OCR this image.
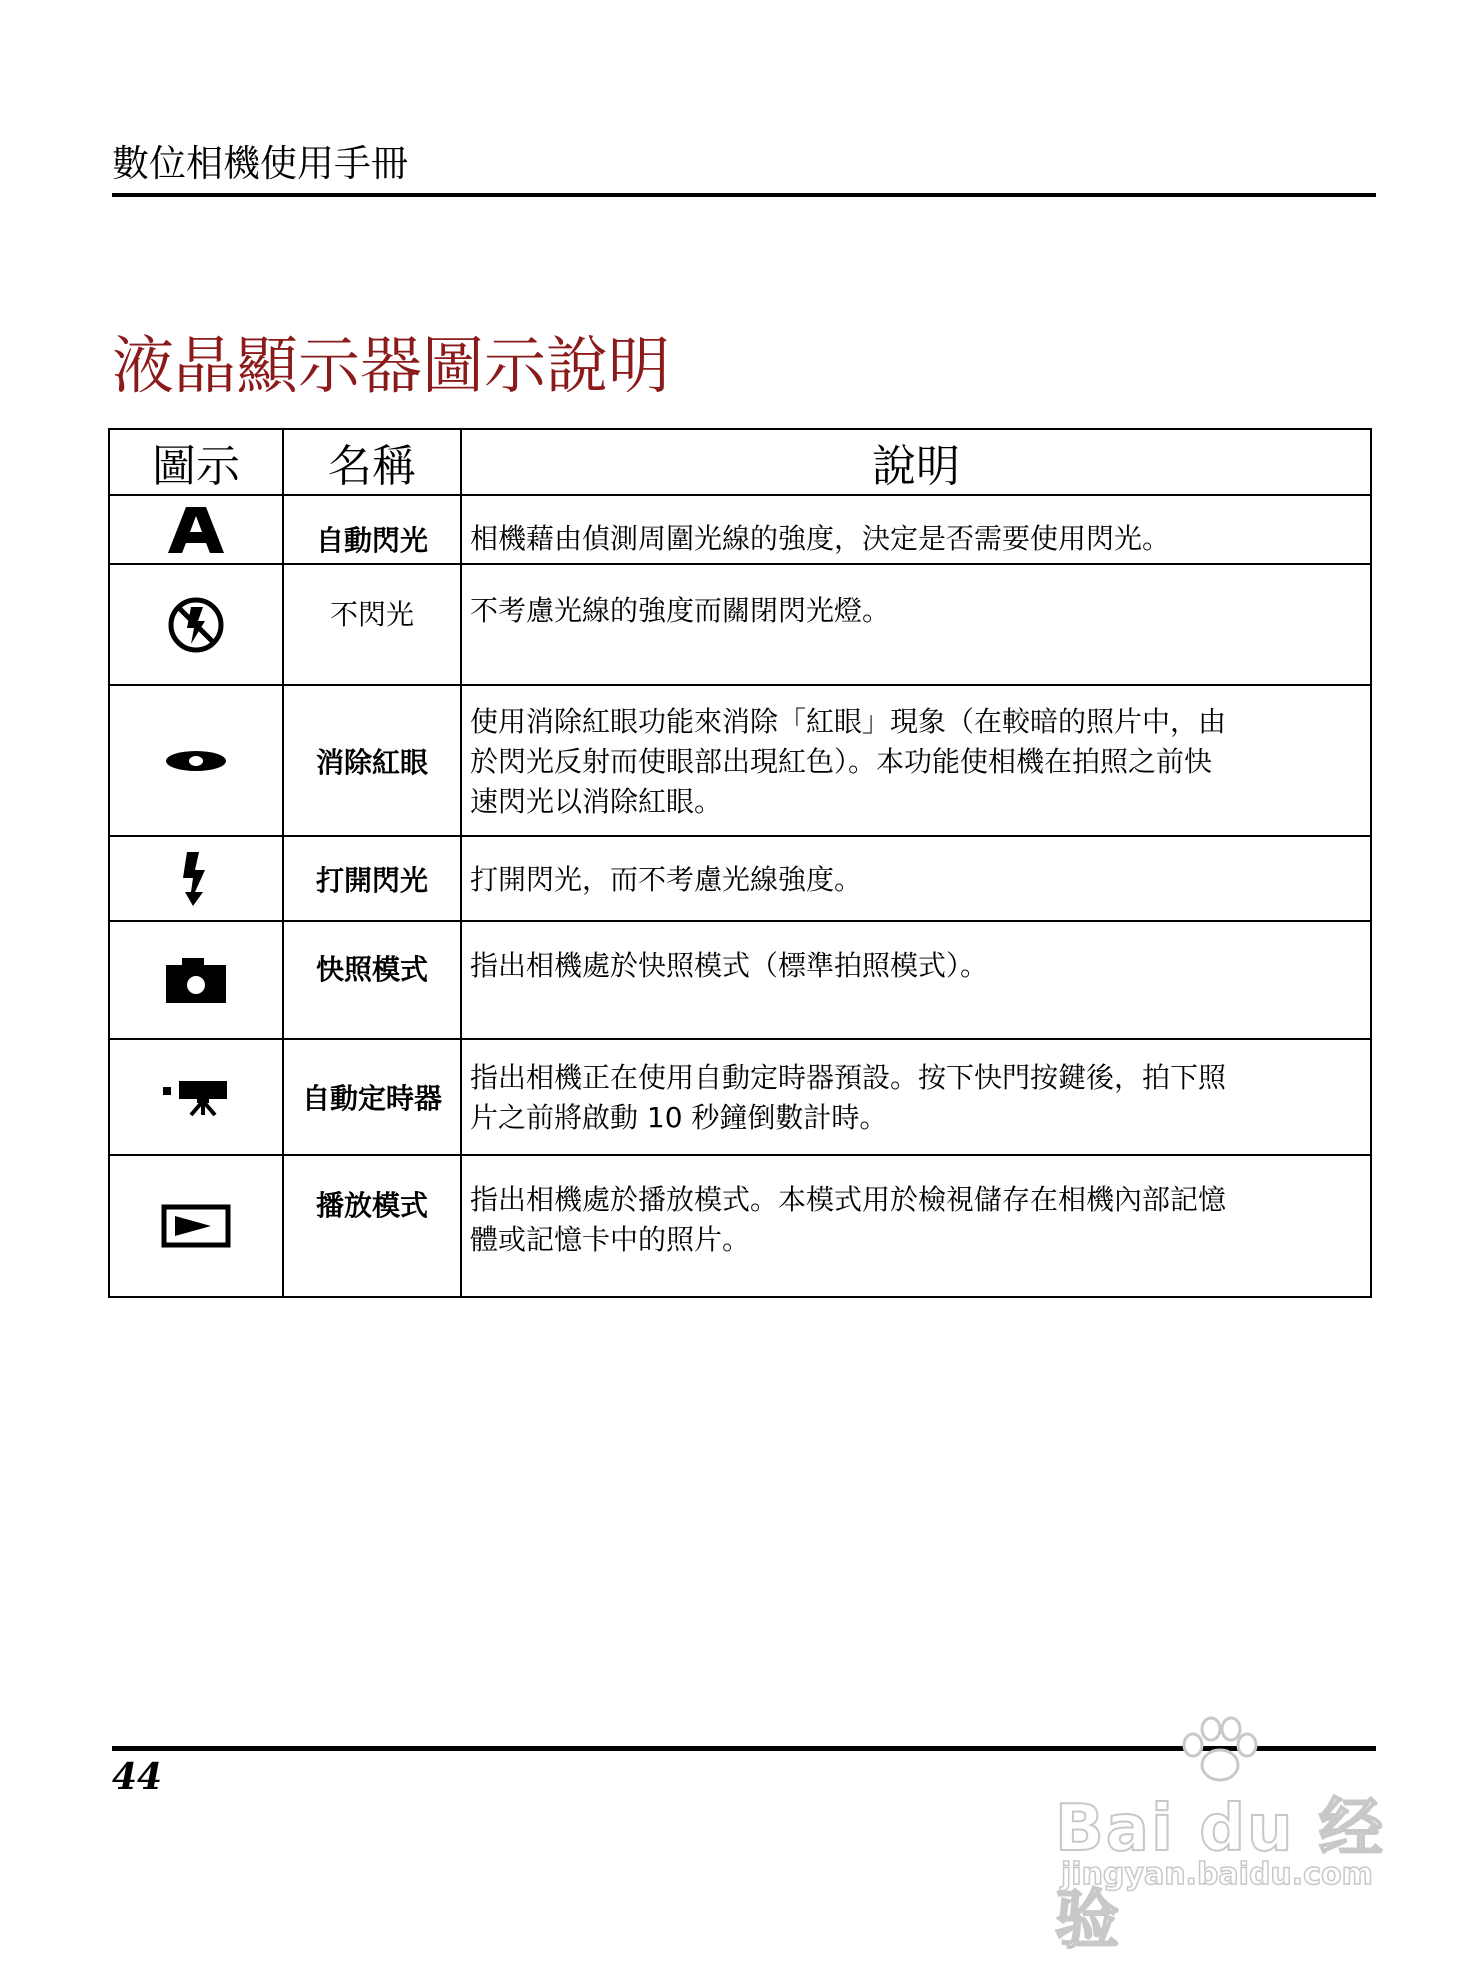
數位相機使用手冊
液晶顯示器圖示說明
圖示	名稱	說明
	自動閃光	相機藉由偵測周圍光線的強度，決定是否需要使用閃光。

	不閃光	不考慮光線的強度而關閉閃光燈。

	消除紅眼	使用消除紅眼功能來消除「紅眼」現象（在較暗的照片中，由
於閃光反射而使眼部出現紅色）。本功能使相機在拍照之前快
速閃光以消除紅眼。

	打開閃光	打開閃光，而不考慮光線強度。

	快照模式	指出相機處於快照模式（標準拍照模式）。

	自動定時器	指出相機正在使用自動定時器預設。按下快門按鍵後，拍下照
片之前將啟動 10 秒鐘倒數計時。

	播放模式	指出相機處於播放模式。本模式用於檢視儲存在相機內部記憶
體或記憶卡中的照片。
44
Bai du 经验
jingyan.baidu.com
